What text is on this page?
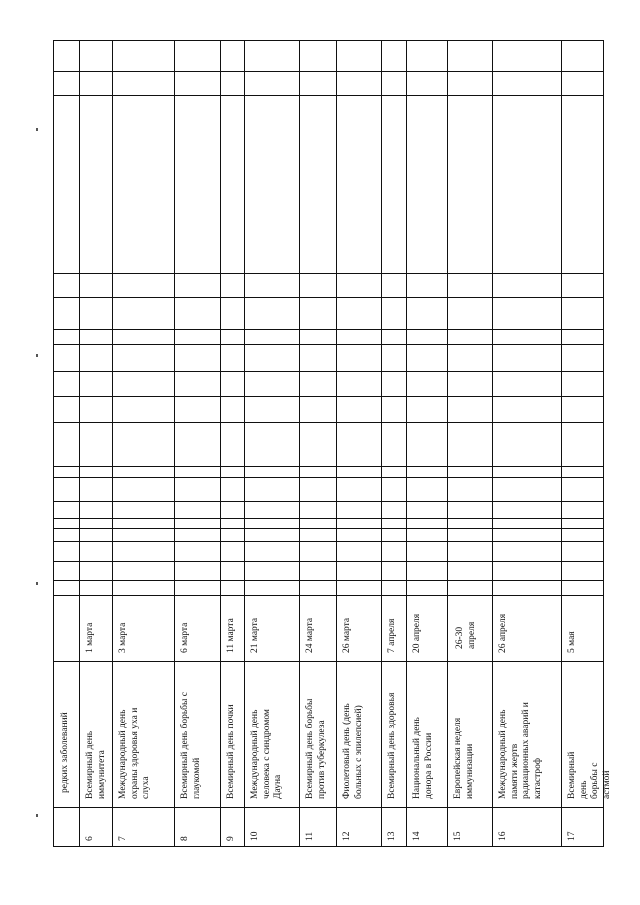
редких заболеваний
6
Всемирный день
иммунитета
1 марта
7
Международный день
охраны здоровья уха и
слуха
3 марта
8
Всемирный день борьбы с
глаукомой
6 марта
9
Всемирный день почки
11 марта
10
Международный день
человека с синдромом
Дауна
21 марта
11
Всемирный день борьбы
против туберкулеза
24 марта
12
Фиолетовый день (день
больных с эпилепсией)
26 марта
13
Всемирный день здоровья
7 апреля
14
Национальный день
донора в России
20 апреля
15
Европейская неделя
иммунизации
26-30
апреля
16
Международный день
памяти жертв
радиационных аварий и
катастроф
26 апреля
17
Всемирный день борьбы с
астмой
5 мая
